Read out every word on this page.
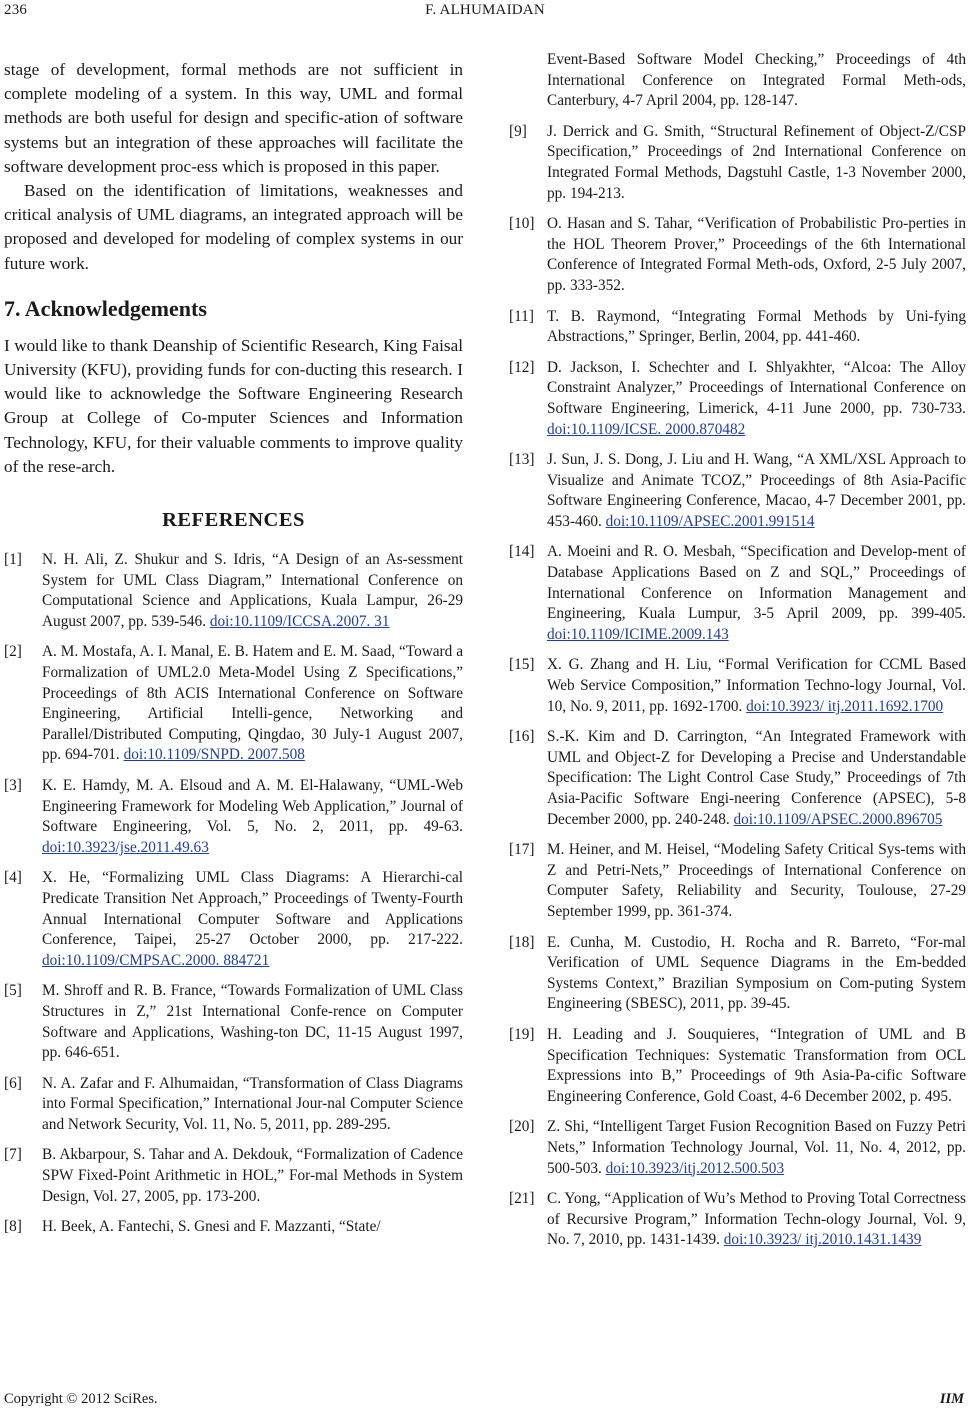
236	F. ALHUMAIDAN

stage of development, formal methods are not sufficient in complete modeling of a system. In this way, UML and formal methods are both useful for design and specific-ation of software systems but an integration of these approaches will facilitate the software development proc-ess which is proposed in this paper.

Based on the identification of limitations, weaknesses and critical analysis of UML diagrams, an integrated approach will be proposed and developed for modeling of complex systems in our future work.

7. Acknowledgements

I would like to thank Deanship of Scientific Research, King Faisal University (KFU), providing funds for con-ducting this research. I would like to acknowledge the Software Engineering Research Group at College of Co-mputer Sciences and Information Technology, KFU, for their valuable comments to improve quality of the rese-arch.

REFERENCES
[1] N. H. Ali, Z. Shukur and S. Idris, “A Design of an As-sessment System for UML Class Diagram,” International Conference on Computational Science and Applications, Kuala Lampur, 26-29 August 2007, pp. 539-546. doi:10.1109/ICCSA.2007. 31
[2] A. M. Mostafa, A. I. Manal, E. B. Hatem and E. M. Saad, “Toward a Formalization of UML2.0 Meta-Model Using Z Specifications,” Proceedings of 8th ACIS International Conference on Software Engineering, Artificial Intelli-gence, Networking and Parallel/Distributed Computing, Qingdao, 30 July-1 August 2007, pp. 694-701. doi:10.1109/SNPD. 2007.508
[3] K. E. Hamdy, M. A. Elsoud and A. M. El-Halawany, “UML-Web Engineering Framework for Modeling Web Application,” Journal of Software Engineering, Vol. 5, No. 2, 2011, pp. 49-63. doi:10.3923/jse.2011.49.63
[4] X. He, “Formalizing UML Class Diagrams: A Hierarchi-cal Predicate Transition Net Approach,” Proceedings of Twenty-Fourth Annual International Computer Software and Applications Conference, Taipei, 25-27 October 2000, pp. 217-222. doi:10.1109/CMPSAC.2000. 884721
[5] M. Shroff and R. B. France, “Towards Formalization of UML Class Structures in Z,” 21st International Confe-rence on Computer Software and Applications, Washing-ton DC, 11-15 August 1997, pp. 646-651.
[6] N. A. Zafar and F. Alhumaidan, “Transformation of Class Diagrams into Formal Specification,” International Jour-nal Computer Science and Network Security, Vol. 11, No. 5, 2011, pp. 289-295.
[7] B. Akbarpour, S. Tahar and A. Dekdouk, “Formalization of Cadence SPW Fixed-Point Arithmetic in HOL,” For-mal Methods in System Design, Vol. 27, 2005, pp. 173-200.
[8] H. Beek, A. Fantechi, S. Gnesi and F. Mazzanti, “State/
Event-Based Software Model Checking,” Proceedings of 4th International Conference on Integrated Formal Meth-ods, Canterbury, 4-7 April 2004, pp. 128-147.
[9] J. Derrick and G. Smith, “Structural Refinement of Object-Z/CSP Specification,” Proceedings of 2nd International Conference on Integrated Formal Methods, Dagstuhl Castle, 1-3 November 2000, pp. 194-213.
[10] O. Hasan and S. Tahar, “Verification of Probabilistic Pro-perties in the HOL Theorem Prover,” Proceedings of the 6th International Conference of Integrated Formal Meth-ods, Oxford, 2-5 July 2007, pp. 333-352.
[11] T. B. Raymond, “Integrating Formal Methods by Uni-fying Abstractions,” Springer, Berlin, 2004, pp. 441-460.
[12] D. Jackson, I. Schechter and I. Shlyakhter, “Alcoa: The Alloy Constraint Analyzer,” Proceedings of International Conference on Software Engineering, Limerick, 4-11 June 2000, pp. 730-733. doi:10.1109/ICSE. 2000.870482
[13] J. Sun, J. S. Dong, J. Liu and H. Wang, “A XML/XSL Approach to Visualize and Animate TCOZ,” Proceedings of 8th Asia-Pacific Software Engineering Conference, Macao, 4-7 December 2001, pp. 453-460. doi:10.1109/APSEC.2001.991514
[14] A. Moeini and R. O. Mesbah, “Specification and Develop-ment of Database Applications Based on Z and SQL,” Proceedings of International Conference on Information Management and Engineering, Kuala Lumpur, 3-5 April 2009, pp. 399-405. doi:10.1109/ICIME.2009.143
[15] X. G. Zhang and H. Liu, “Formal Verification for CCML Based Web Service Composition,” Information Techno-logy Journal, Vol. 10, No. 9, 2011, pp. 1692-1700. doi:10.3923/ itj.2011.1692.1700
[16] S.-K. Kim and D. Carrington, “An Integrated Framework with UML and Object-Z for Developing a Precise and Understandable Specification: The Light Control Case Study,” Proceedings of 7th Asia-Pacific Software Engi-neering Conference (APSEC), 5-8 December 2000, pp. 240-248. doi:10.1109/APSEC.2000.896705
[17] M. Heiner, and M. Heisel, “Modeling Safety Critical Sys-tems with Z and Petri-Nets,” Proceedings of International Conference on Computer Safety, Reliability and Security, Toulouse, 27-29 September 1999, pp. 361-374.
[18] E. Cunha, M. Custodio, H. Rocha and R. Barreto, “For-mal Verification of UML Sequence Diagrams in the Em-bedded Systems Context,” Brazilian Symposium on Com-puting System Engineering (SBESC), 2011, pp. 39-45.
[19] H. Leading and J. Souquieres, “Integration of UML and B Specification Techniques: Systematic Transformation from OCL Expressions into B,” Proceedings of 9th Asia-Pa-cific Software Engineering Conference, Gold Coast, 4-6 December 2002, p. 495.
[20] Z. Shi, “Intelligent Target Fusion Recognition Based on Fuzzy Petri Nets,” Information Technology Journal, Vol. 11, No. 4, 2012, pp. 500-503. doi:10.3923/itj.2012.500.503
[21] C. Yong, “Application of Wu’s Method to Proving Total Correctness of Recursive Program,” Information Techn-ology Journal, Vol. 9, No. 7, 2010, pp. 1431-1439. doi:10.3923/ itj.2010.1431.1439
Copyright © 2012 SciRes.	IIM
